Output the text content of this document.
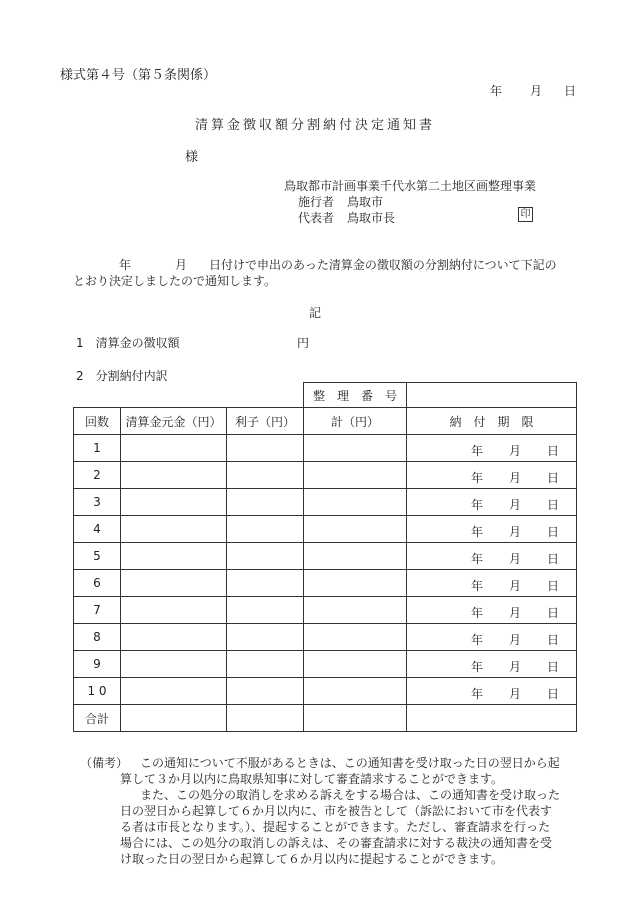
様式第４号（第５条関係）
年 月 日
清算金徴収額分割納付決定通知書
様
鳥取都市計画事業千代水第二土地区画整理事業
施行者 鳥取市
代表者 鳥取市長	印
年	月 日付けで申出のあった清算金の徴収額の分割納付について下記の
とおり決定しましたので通知します。
記
1　清算金の徴収額	円
2　分割納付内訳
			整　理　番　号	
回数	清算金元金（円）	利子（円）	計（円）	納　付　期　限
1				年 月 日

2				年 月 日

3				年 月 日

4				年 月 日

5				年 月 日

6				年 月 日

7				年 月 日

8				年 月 日

9				年 月 日

1 0				年 月 日

合計				
（備考） この通知について不服があるときは、この通知書を受け取った日の翌日から起
算して３か月以内に鳥取県知事に対して審査請求することができます。
また、この処分の取消しを求める訴えをする場合は、この通知書を受け取った
日の翌日から起算して６か月以内に、市を被告として（訴訟において市を代表す
る者は市長となります。）、提起することができます。ただし、審査請求を行った
場合には、この処分の取消しの訴えは、その審査請求に対する裁決の通知書を受
け取った日の翌日から起算して６か月以内に提起することができます。
